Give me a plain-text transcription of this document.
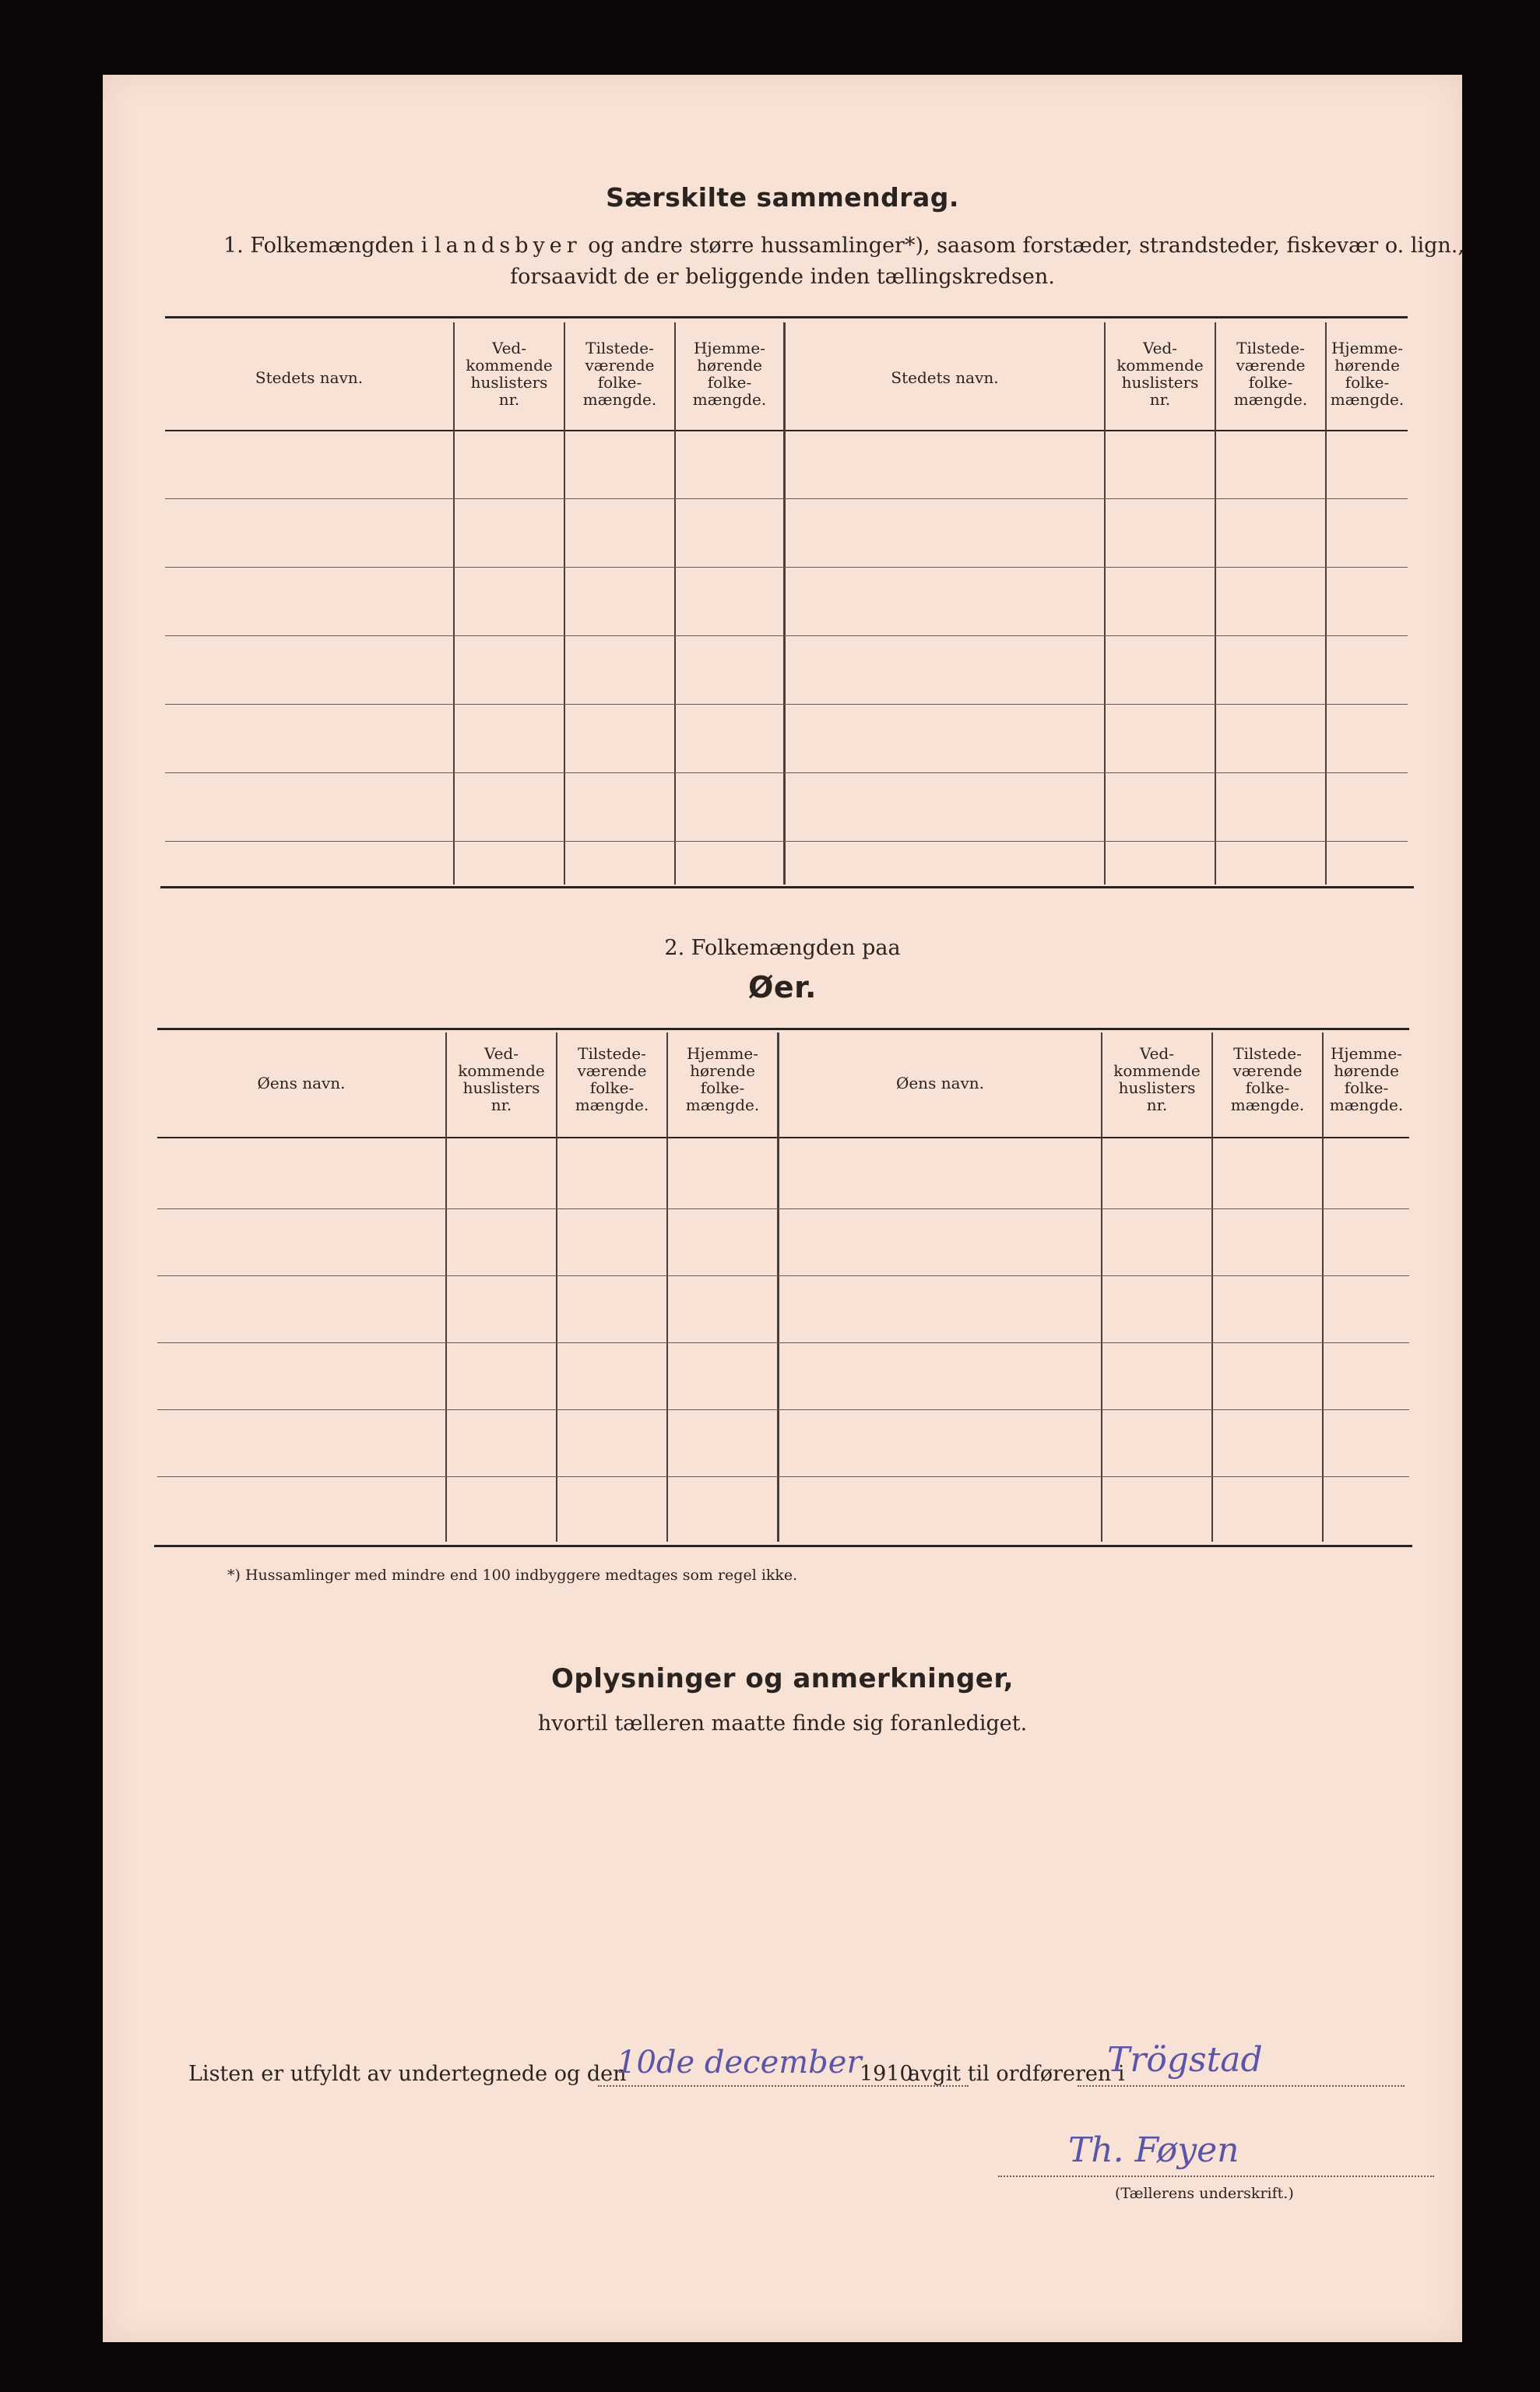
Særskilte sammendrag.
1. Folkemængden i landsbyer og andre større hussamlinger*), saasom forstæder, strandsteder, fiskevær o. lign.,
forsaavidt de er beliggende inden tællingskredsen.
Stedets navn.
Ved-
kommende
huslisters
nr.
Tilstede-
værende
folke-
mængde.
Hjemme-
hørende
folke-
mængde.
Stedets navn.
Ved-
kommende
huslisters
nr.
Tilstede-
værende
folke-
mængde.
Hjemme-
hørende
folke-
mængde.
2. Folkemængden paa
Øer.
Øens navn.
Ved-
kommende
huslisters
nr.
Tilstede-
værende
folke-
mængde.
Hjemme-
hørende
folke-
mængde.
Øens navn.
Ved-
kommende
huslisters
nr.
Tilstede-
værende
folke-
mængde.
Hjemme-
hørende
folke-
mængde.
*) Hussamlinger med mindre end 100 indbyggere medtages som regel ikke.
Oplysninger og anmerkninger,
hvortil tælleren maatte finde sig foranlediget.
Listen er utfyldt av undertegnede og den
10de december
1910
avgit til ordføreren i
Trögstad
Th. Føyen
(Tællerens underskrift.)
